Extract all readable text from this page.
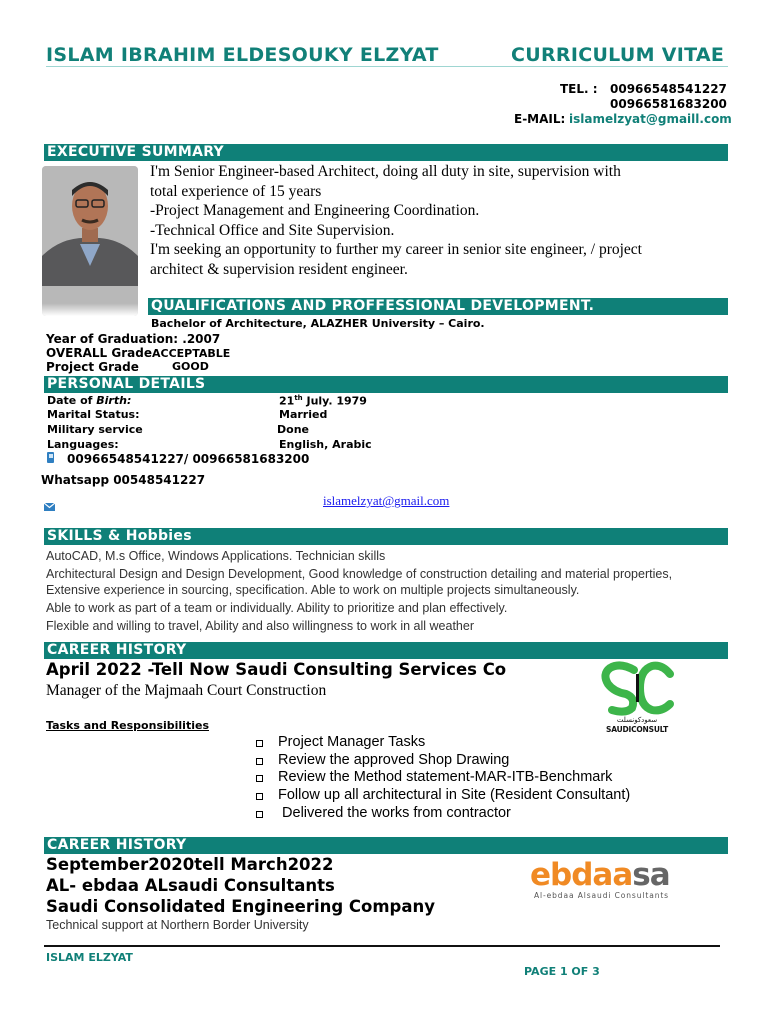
ISLAM IBRAHIM ELDESOUKY ELZYAT	CURRICULUM VITAE
TEL. : 00966548541227
00966581683200
E-MAIL: islamelzyat@gmaill.com
EXECUTIVE SUMMARY
I'm Senior Engineer-based Architect, doing all duty in site, supervision with
total experience of 15 years
-Project Management and Engineering Coordination.
-Technical Office and Site Supervision.
I'm seeking an opportunity to further my career in senior site engineer, / project
architect & supervision resident engineer.
QUALIFICATIONS AND PROFFESSIONAL DEVELOPMENT.
Bachelor of Architecture, ALAZHER University – Cairo.
Year of Graduation: .2007
OVERALL Grade ACCEPTABLE
Project Grade	GOOD
PERSONAL DETAILS
Date of Birth:	21th July. 1979
Marital Status:	Married
Military service	Done
Languages:	English, Arabic
00966548541227/ 00966581683200
Whatsapp 00548541227
islamelzyat@gmail.com
SKILLS & Hobbies
AutoCAD, M.s Office, Windows Applications. Technician skills
Architectural Design and Design Development, Good knowledge of construction detailing and material properties,
Extensive experience in sourcing, specification. Able to work on multiple projects simultaneously.
Able to work as part of a team or individually. Ability to prioritize and plan effectively.
Flexible and willing to travel, Ability and also willingness to work in all weather
CAREER HISTORY
April 2022 -Tell Now Saudi Consulting Services Co
Manager of the Majmaah Court Construction
Tasks and Responsibilities
Project Manager Tasks
Review the approved Shop Drawing
Review the Method statement-MAR-ITB-Benchmark
Follow up all architectural in Site (Resident Consultant)
Delivered the works from contractor
سعودكونسلت
SAUDICONSULT
CAREER HISTORY
September2020tell March2022
AL- ebdaa ALsaudi Consultants
Saudi Consolidated Engineering Company
Technical support at Northern Border University
ebdaasa
Al-ebdaa Alsaudi Consultants
ISLAM ELZYAT
PAGE 1 OF 3
